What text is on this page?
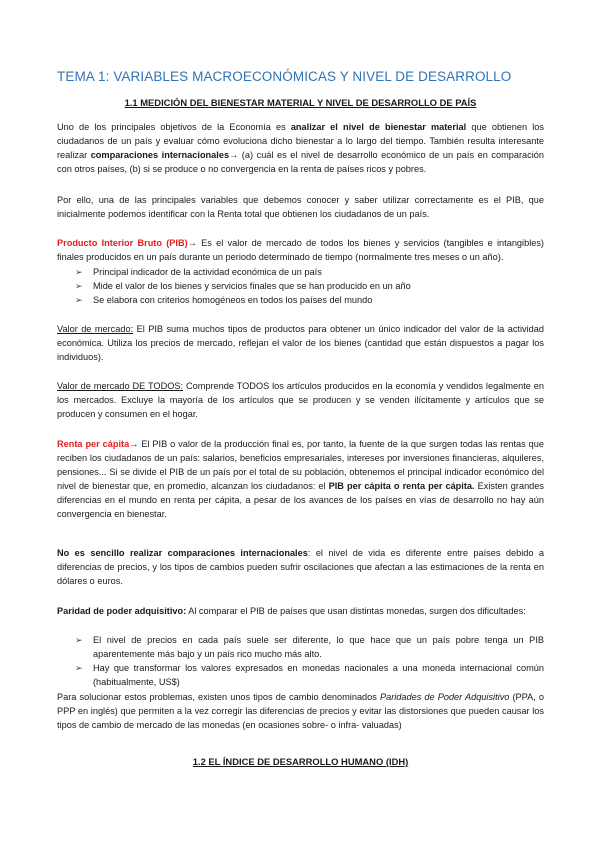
TEMA 1: VARIABLES MACROECONÓMICAS Y NIVEL DE DESARROLLO
1.1 MEDICIÓN DEL BIENESTAR MATERIAL Y NIVEL DE DESARROLLO DE PAÍS

Uno de los principales objetivos de la Economía es analizar el nivel de bienestar material que obtienen los ciudadanos de un país y evaluar cómo evoluciona dicho bienestar a lo largo del tiempo. También resulta interesante realizar comparaciones internacionales→ (a) cuál es el nivel de desarrollo económico de un país en comparación con otros países, (b) si se produce o no convergencia en la renta de países ricos y pobres.

Por ello, una de las principales variables que debemos conocer y saber utilizar correctamente es el PIB, que inicialmente podemos identificar con la Renta total que obtienen los ciudadanos de un país.

Producto Interior Bruto (PIB)→ Es el valor de mercado de todos los bienes y servicios (tangibles e intangibles) finales producidos en un país durante un periodo determinado de tiempo (normalmente tres meses o un año).

➢ Principal indicador de la actividad económica de un país
➢ Mide el valor de los bienes y servicios finales que se han producido en un año
➢ Se elabora con criterios homogéneos en todos los países del mundo

Valor de mercado: El PIB suma muchos tipos de productos para obtener un único indicador del valor de la actividad económica. Utiliza los precios de mercado, reflejan el valor de los bienes (cantidad que están dispuestos a pagar los individuos).

Valor de mercado DE TODOS: Comprende TODOS los artículos producidos en la economía y vendidos legalmente en los mercados. Excluye la mayoría de los artículos que se producen y se venden ilícitamente y artículos que se producen y consumen en el hogar.

Renta per cápita→ El PIB o valor de la producción final es, por tanto, la fuente de la que surgen todas las rentas que reciben los ciudadanos de un país: salarios, beneficios empresariales, intereses por inversiones financieras, alquileres, pensiones... Si se divide el PIB de un país por el total de su población, obtenemos el principal indicador económico del nivel de bienestar que, en promedio, alcanzan los ciudadanos: el PIB per cápita o renta per cápita. Existen grandes diferencias en el mundo en renta per cápita, a pesar de los avances de los países en vías de desarrollo no hay aún convergencia en bienestar.

No es sencillo realizar comparaciones internacionales: el nivel de vida es diferente entre países debido a diferencias de precios, y los tipos de cambios pueden sufrir oscilaciones que afectan a las estimaciones de la renta en dólares o euros.

Paridad de poder adquisitivo: Al comparar el PIB de países que usan distintas monedas, surgen dos dificultades:

➢ El nivel de precios en cada país suele ser diferente, lo que hace que un país pobre tenga un PIB aparentemente más bajo y un país rico mucho más alto.
➢ Hay que transformar los valores expresados en monedas nacionales a una moneda internacional común (habitualmente, US$)

Para solucionar estos problemas, existen unos tipos de cambio denominados Paridades de Poder Adquisitivo (PPA, o PPP en inglés) que permiten a la vez corregir las diferencias de precios y evitar las distorsiones que pueden causar los tipos de cambio de mercado de las monedas (en ocasiones sobre- o infra- valuadas)

1.2 EL ÍNDICE DE DESARROLLO HUMANO (IDH)
